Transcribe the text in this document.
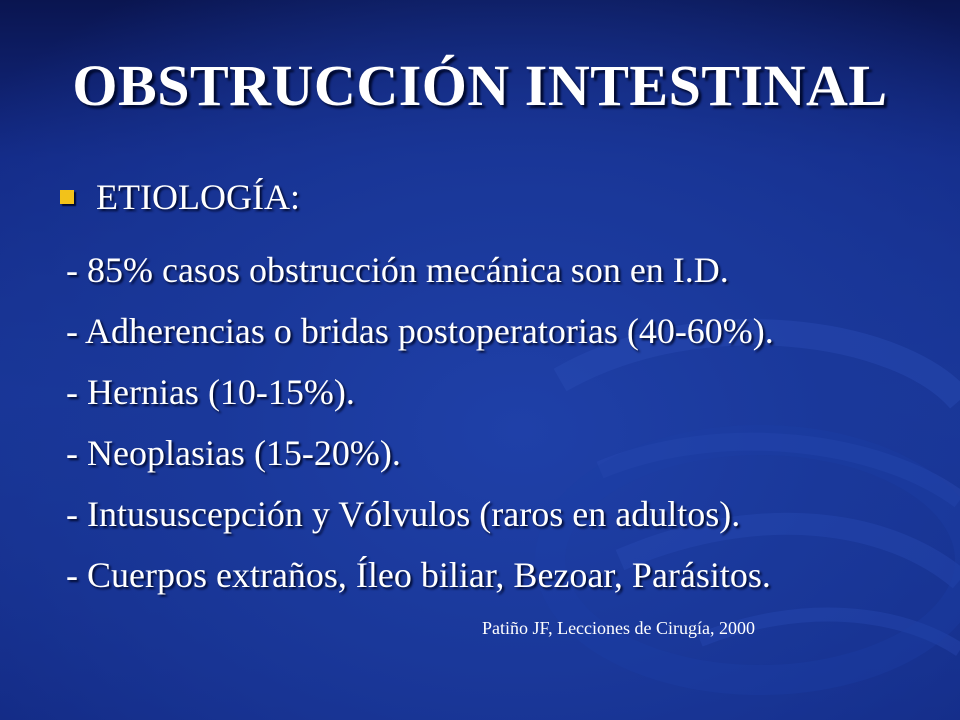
OBSTRUCCIÓN INTESTINAL
ETIOLOGÍA:
- 85% casos obstrucción mecánica son en I.D.
- Adherencias o bridas postoperatorias (40-60%).
- Hernias (10-15%).
- Neoplasias (15-20%).
- Intususcepción y Vólvulos (raros en adultos).
- Cuerpos extraños, Íleo biliar, Bezoar, Parásitos.
Patiño JF, Lecciones de Cirugía, 2000
